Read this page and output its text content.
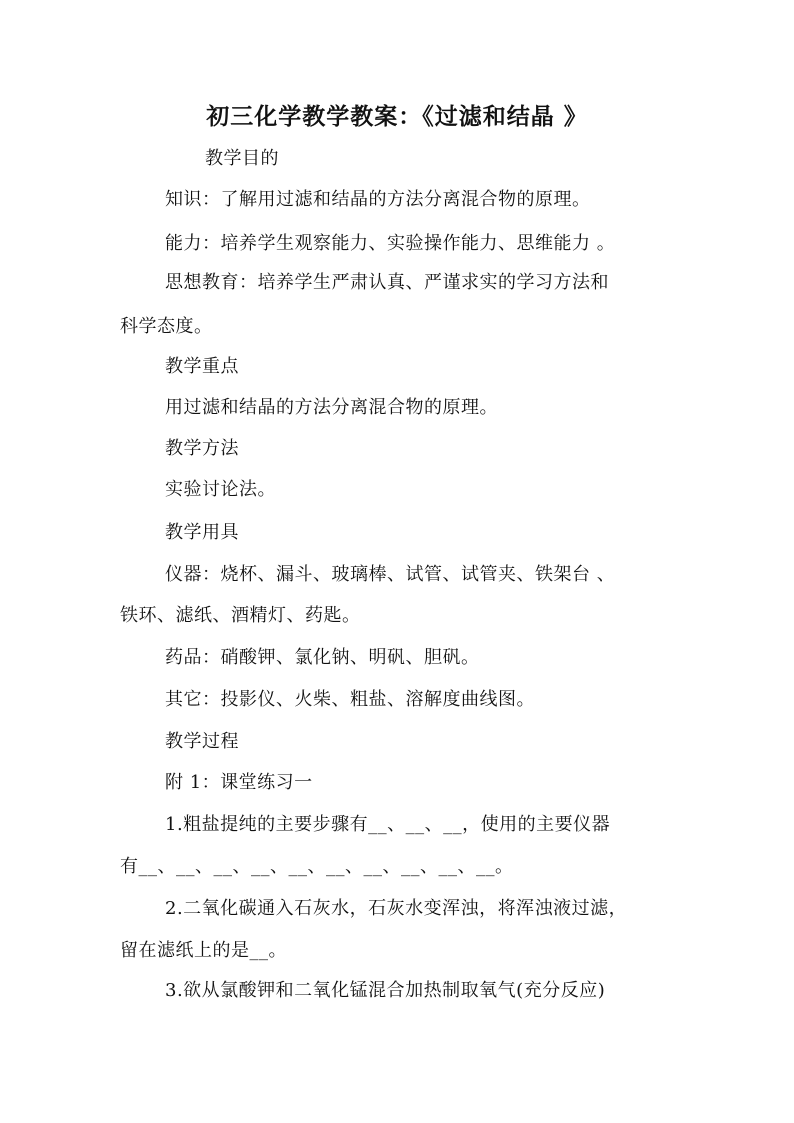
初三化学教学教案：《过滤和结晶 》
教学目的
知识：了解用过滤和结晶的方法分离混合物的原理。
能力：培养学生观察能力、实验操作能力、思维能力 。
思想教育：培养学生严肃认真、严谨求实的学习方法和
科学态度。
教学重点
用过滤和结晶的方法分离混合物的原理。
教学方法
实验讨论法。
教学用具
仪器：烧杯、漏斗、玻璃棒、试管、试管夹、铁架台 、
铁环、滤纸、酒精灯、药匙。
药品：硝酸钾、氯化钠、明矾、胆矾。
其它：投影仪、火柴、粗盐、溶解度曲线图。
教学过程
附 1：课堂练习一
1.粗盐提纯的主要步骤有__、__、__，使用的主要仪器
有__、__、__、__、__、__、__、__、__、__。
2.二氧化碳通入石灰水，石灰水变浑浊，将浑浊液过滤，
留在滤纸上的是__。
3.欲从氯酸钾和二氧化锰混合加热制取氧气(充分反应)
